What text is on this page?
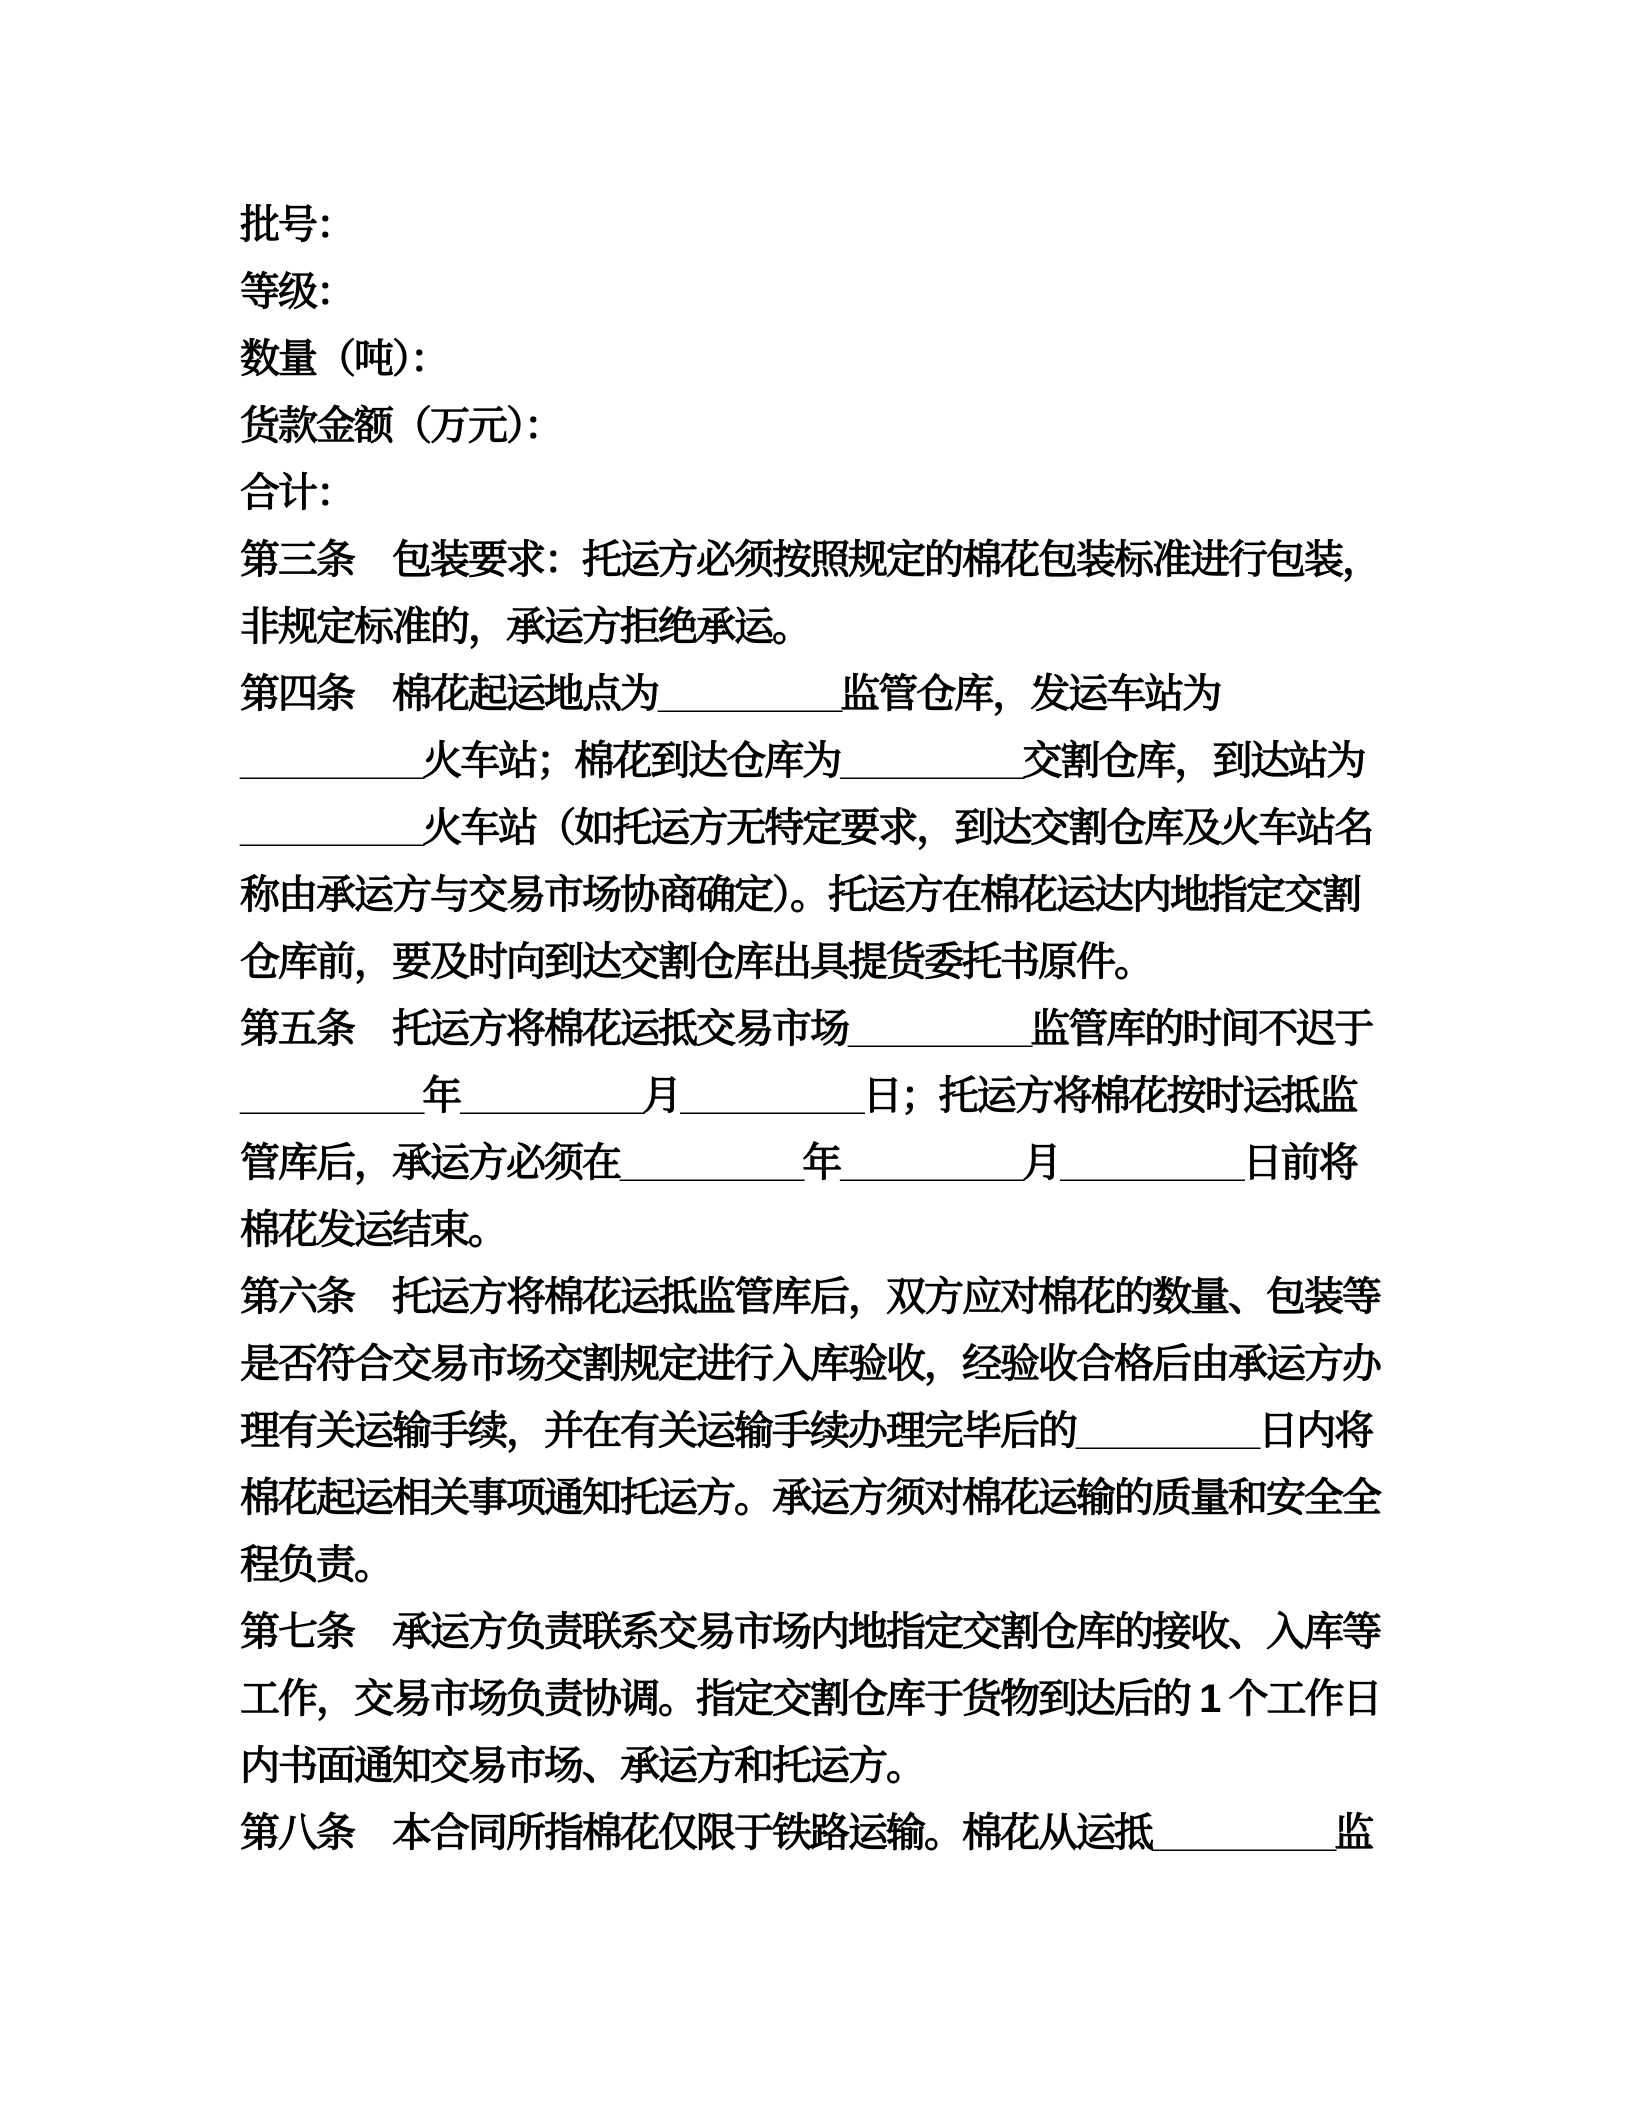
批号：
等级：
数量（吨）：
货款金额（万元）：
合计：
第三条　包装要求：托运方必须按照规定的棉花包装标准进行包装，
非规定标准的，承运方拒绝承运。
第四条　棉花起运地点为_________监管仓库，发运车站为
_________火车站；棉花到达仓库为_________交割仓库，到达站为
_________火车站（如托运方无特定要求，到达交割仓库及火车站名
称由承运方与交易市场协商确定）。托运方在棉花运达内地指定交割
仓库前，要及时向到达交割仓库出具提货委托书原件。
第五条　托运方将棉花运抵交易市场_________监管库的时间不迟于
_________年_________月_________日；托运方将棉花按时运抵监
管库后，承运方必须在_________年_________月_________日前将
棉花发运结束。
第六条　托运方将棉花运抵监管库后，双方应对棉花的数量、包装等
是否符合交易市场交割规定进行入库验收，经验收合格后由承运方办
理有关运输手续，并在有关运输手续办理完毕后的_________日内将
棉花起运相关事项通知托运方。承运方须对棉花运输的质量和安全全
程负责。
第七条　承运方负责联系交易市场内地指定交割仓库的接收、入库等
工作，交易市场负责协调。指定交割仓库于货物到达后的 1 个工作日
内书面通知交易市场、承运方和托运方。
第八条　本合同所指棉花仅限于铁路运输。棉花从运抵_________监
